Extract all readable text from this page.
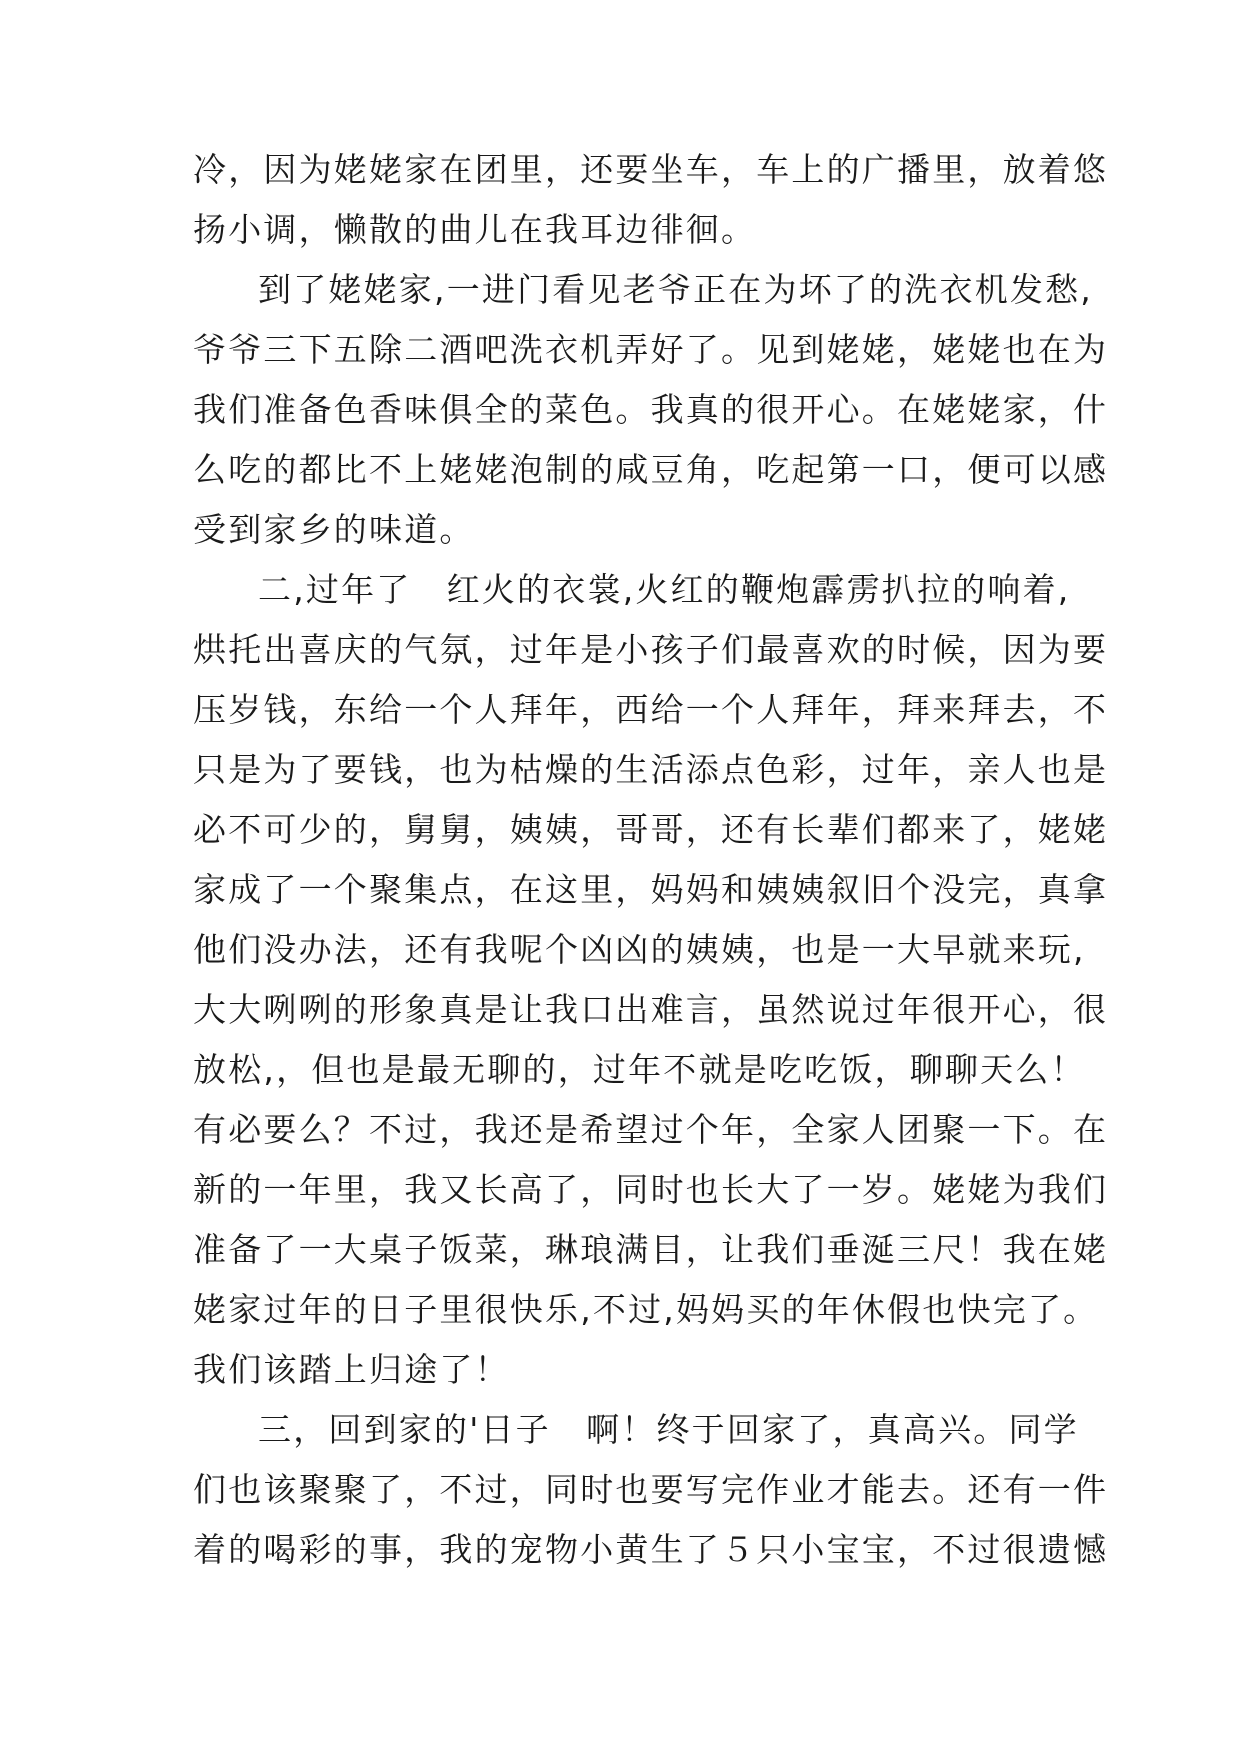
冷，因为姥姥家在团里，还要坐车，车上的广播里，放着悠
扬小调，懒散的曲儿在我耳边徘徊。
到了姥姥家,一进门看见老爷正在为坏了的洗衣机发愁,
爷爷三下五除二酒吧洗衣机弄好了。见到姥姥，姥姥也在为
我们准备色香味俱全的菜色。我真的很开心。在姥姥家，什
么吃的都比不上姥姥泡制的咸豆角，吃起第一口，便可以感
受到家乡的味道。
二,过年了　红火的衣裳,火红的鞭炮霹雳扒拉的响着,
烘托出喜庆的气氛，过年是小孩子们最喜欢的时候，因为要
压岁钱，东给一个人拜年，西给一个人拜年，拜来拜去，不
只是为了要钱，也为枯燥的生活添点色彩，过年，亲人也是
必不可少的，舅舅，姨姨，哥哥，还有长辈们都来了，姥姥
家成了一个聚集点，在这里，妈妈和姨姨叙旧个没完，真拿
他们没办法，还有我呢个凶凶的姨姨，也是一大早就来玩,
大大咧咧的形象真是让我口出难言，虽然说过年很开心，很
放松,，但也是最无聊的，过年不就是吃吃饭，聊聊天么！
有必要么？不过，我还是希望过个年，全家人团聚一下。在
新的一年里，我又长高了，同时也长大了一岁。姥姥为我们
准备了一大桌子饭菜，琳琅满目，让我们垂涎三尺！我在姥
姥家过年的日子里很快乐,不过,妈妈买的年休假也快完了。
我们该踏上归途了！
三，回到家的'日子　啊！终于回家了，真高兴。同学
们也该聚聚了，不过，同时也要写完作业才能去。还有一件
着的喝彩的事，我的宠物小黄生了５只小宝宝，不过很遗憾
